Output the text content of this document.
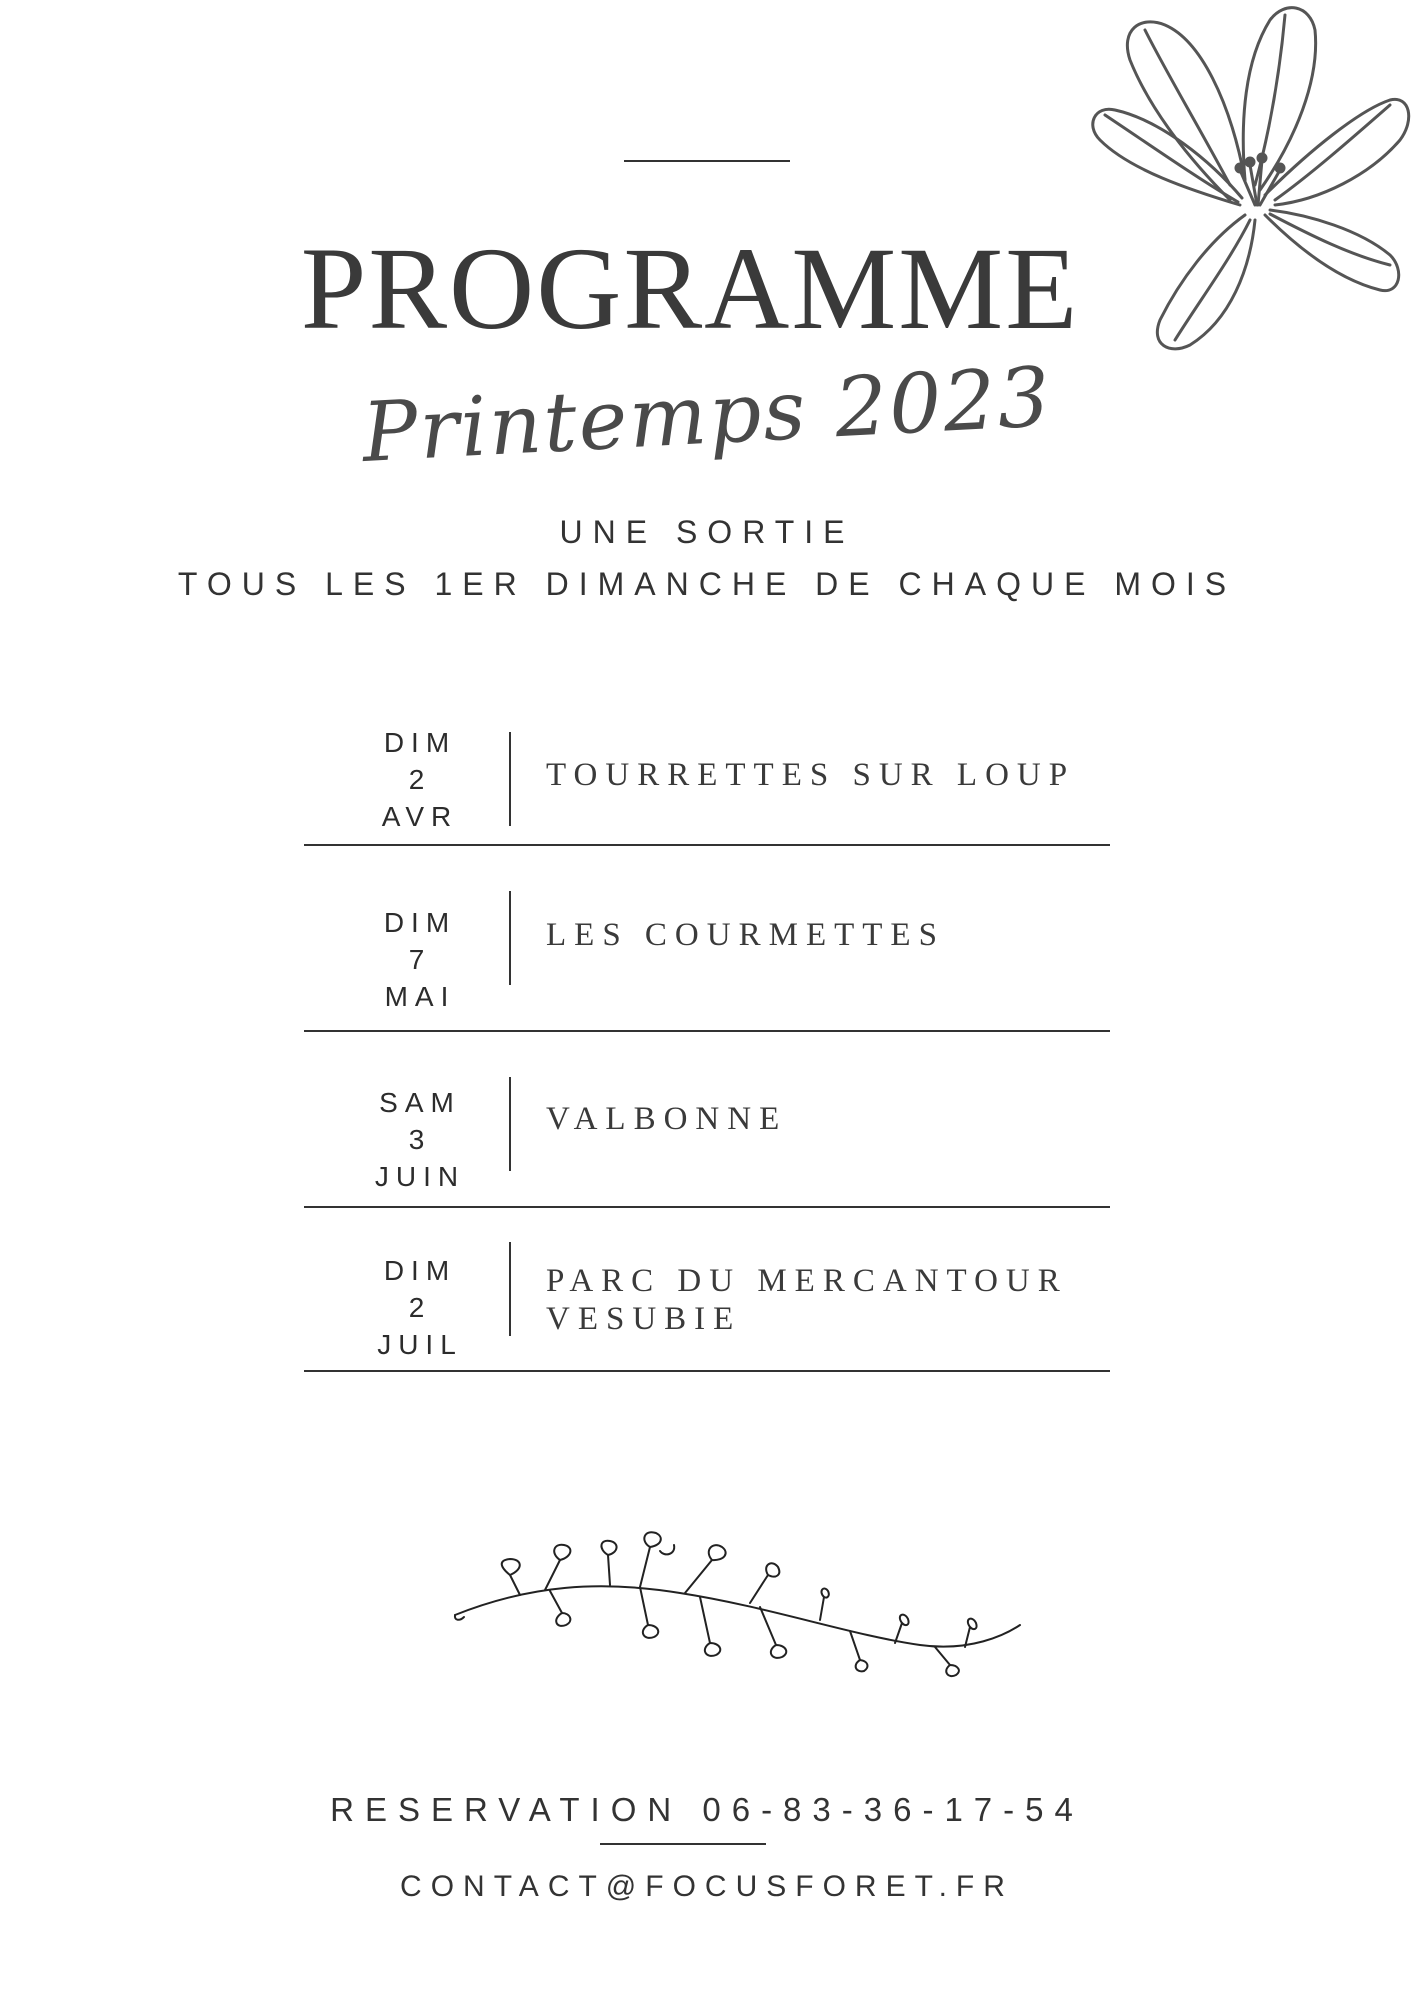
PROGRAMME
Printemps 2023
UNE SORTIE
TOUS LES 1ER DIMANCHE DE CHAQUE MOIS
DIM
2
AVR
TOURRETTES SUR LOUP
DIM
7
MAI
LES COURMETTES
SAM
3
JUIN
VALBONNE
DIM
2
JUIL
PARC DU MERCANTOUR
VESUBIE
RESERVATION 06-83-36-17-54
CONTACT@FOCUSFORET.FR
